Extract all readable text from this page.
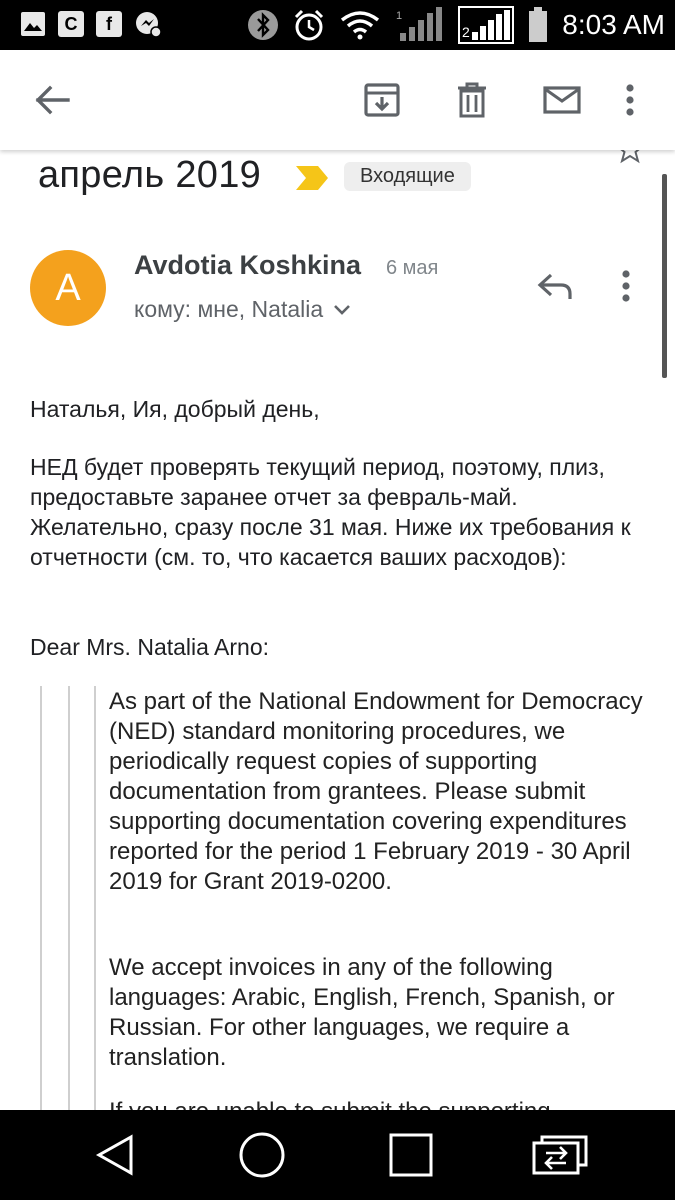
C	f	1
2	8:03 AM
апрель 2019	Входящие
A
Avdotia Koshkina 6 мая
кому: мне, Natalia
Наталья, Ия, добрый день,
НЕД будет проверять текущий период, поэтому, плиз, предоставьте заранее отчет за февраль-май. Желательно, сразу после 31 мая. Ниже их требования к отчетности (см. то, что касается ваших расходов):
Dear Mrs. Natalia Arno:
As part of the National Endowment for Democracy (NED) standard monitoring procedures, we periodically request copies of supporting documentation from grantees. Please submit supporting documentation covering expenditures reported for the period 1 February 2019 - 30 April 2019 for Grant 2019-0200.
We accept invoices in any of the following languages: Arabic, English, French, Spanish, or Russian. For other languages, we require a translation.
